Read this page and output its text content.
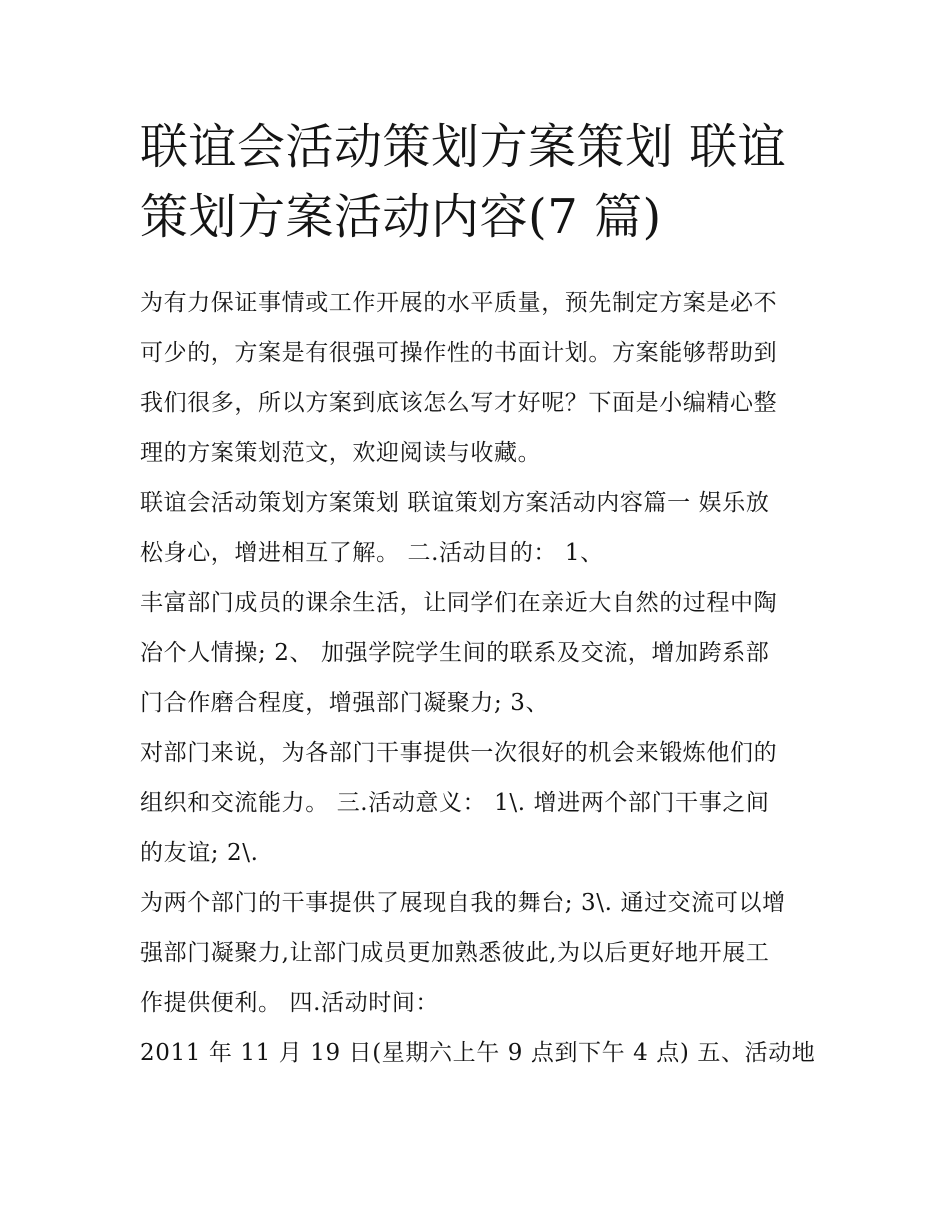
联谊会活动策划方案策划 联谊
策划方案活动内容(7 篇)
为有力保证事情或工作开展的水平质量，预先制定方案是必不
可少的，方案是有很强可操作性的书面计划。方案能够帮助到
我们很多，所以方案到底该怎么写才好呢？下面是小编精心整
理的方案策划范文，欢迎阅读与收藏。
联谊会活动策划方案策划 联谊策划方案活动内容篇一 娱乐放
松身心，增进相互了解。 二.活动目的： 1、
丰富部门成员的课余生活，让同学们在亲近大自然的过程中陶
冶个人情操; 2、 加强学院学生间的联系及交流，增加跨系部
门合作磨合程度，增强部门凝聚力; 3、
对部门来说，为各部门干事提供一次很好的机会来锻炼他们的
组织和交流能力。 三.活动意义： 1\. 增进两个部门干事之间
的友谊; 2\.
为两个部门的干事提供了展现自我的舞台; 3\. 通过交流可以增
强部门凝聚力,让部门成员更加熟悉彼此,为以后更好地开展工
作提供便利。 四.活动时间：
2011 年 11 月 19 日(星期六上午 9 点到下午 4 点) 五、活动地
